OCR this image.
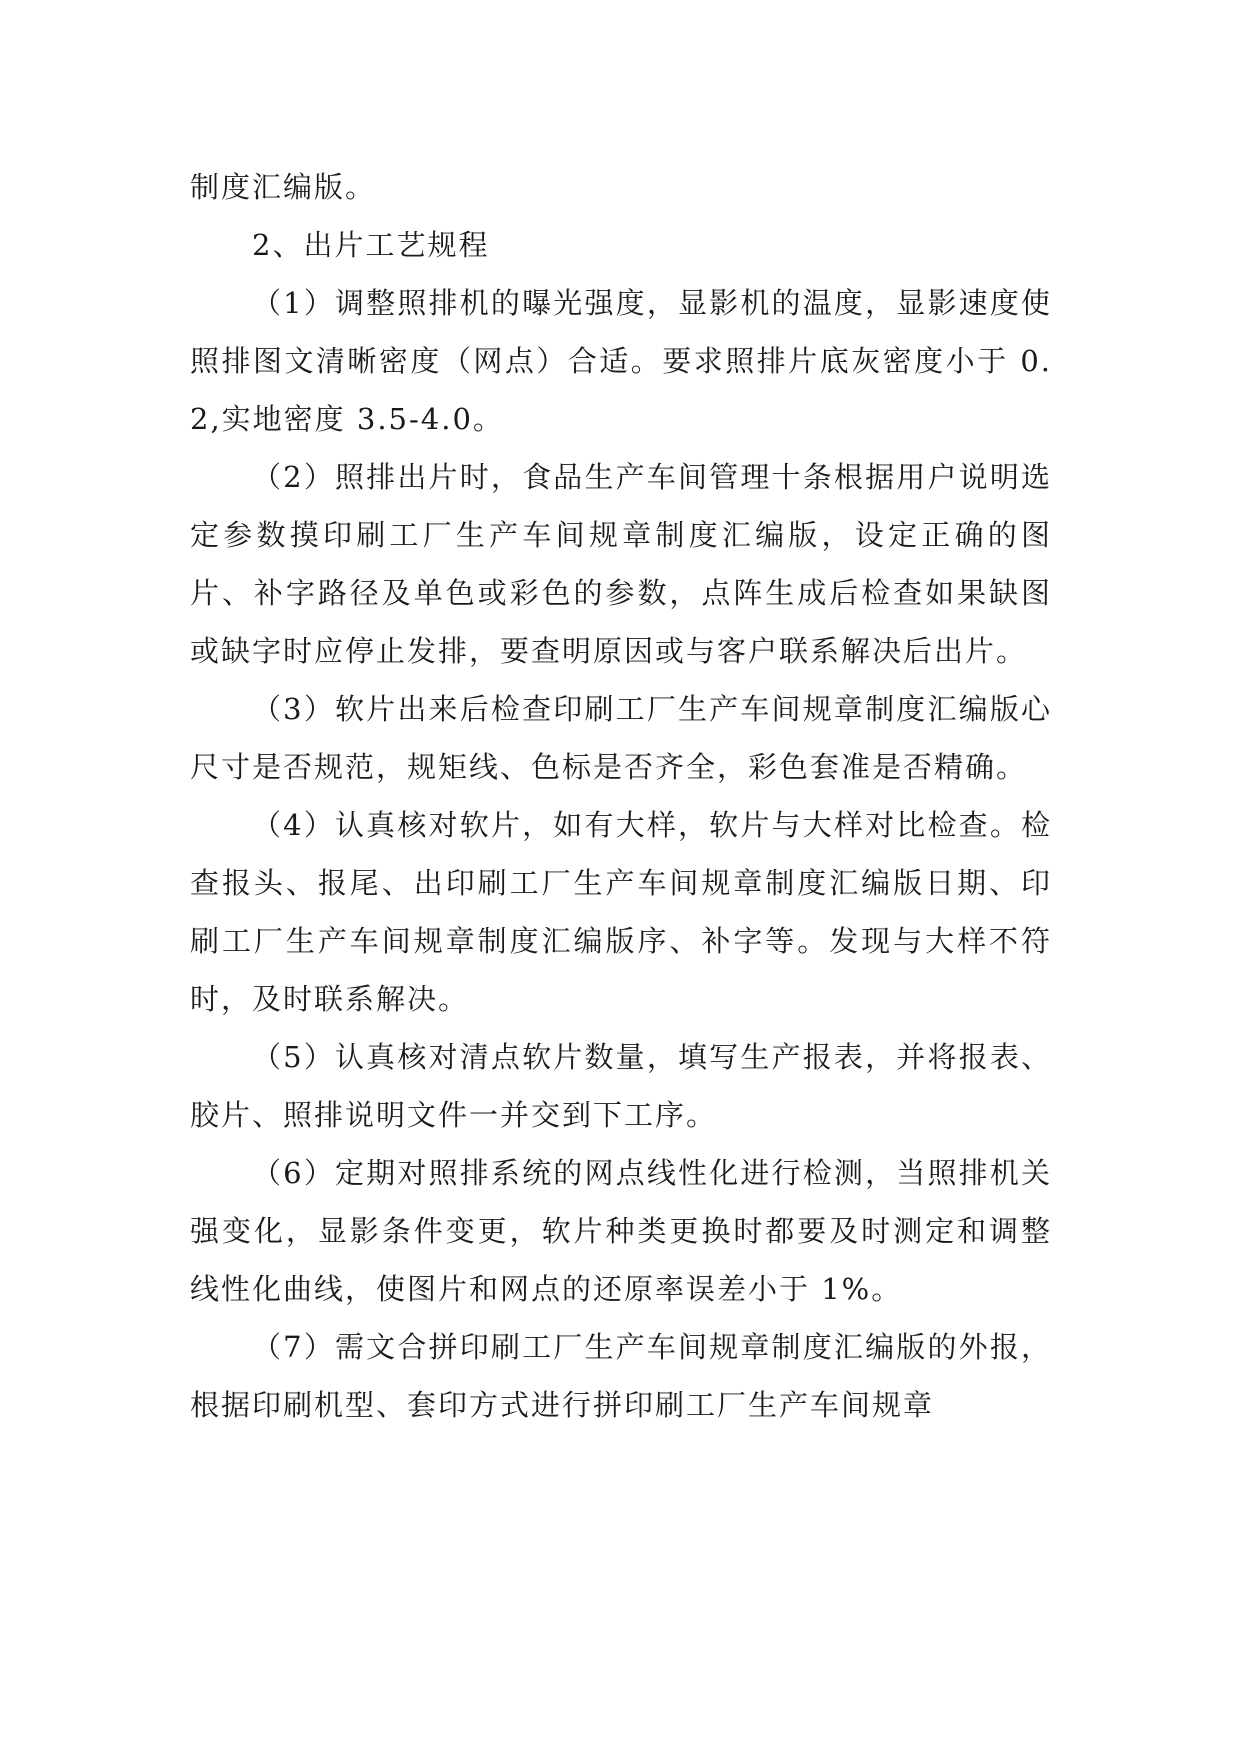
制度汇编版。

2、出片工艺规程

（1）调整照排机的曝光强度，显影机的温度，显影速度使照排图文清晰密度（网点）合适。要求照排片底灰密度小于 0.2,实地密度 3.5-4.0。

（2）照排出片时，食品生产车间管理十条根据用户说明选定参数摸印刷工厂生产车间规章制度汇编版，设定正确的图片、补字路径及单色或彩色的参数，点阵生成后检查如果缺图或缺字时应停止发排，要查明原因或与客户联系解决后出片。

（3）软片出来后检查印刷工厂生产车间规章制度汇编版心尺寸是否规范，规矩线、色标是否齐全，彩色套准是否精确。

（4）认真核对软片，如有大样，软片与大样对比检查。检查报头、报尾、出印刷工厂生产车间规章制度汇编版日期、印刷工厂生产车间规章制度汇编版序、补字等。发现与大样不符时，及时联系解决。

（5）认真核对清点软片数量，填写生产报表，并将报表、胶片、照排说明文件一并交到下工序。

（6）定期对照排系统的网点线性化进行检测，当照排机关强变化，显影条件变更，软片种类更换时都要及时测定和调整线性化曲线，使图片和网点的还原率误差小于 1%。

（7）需文合拼印刷工厂生产车间规章制度汇编版的外报，根据印刷机型、套印方式进行拼印刷工厂生产车间规章
